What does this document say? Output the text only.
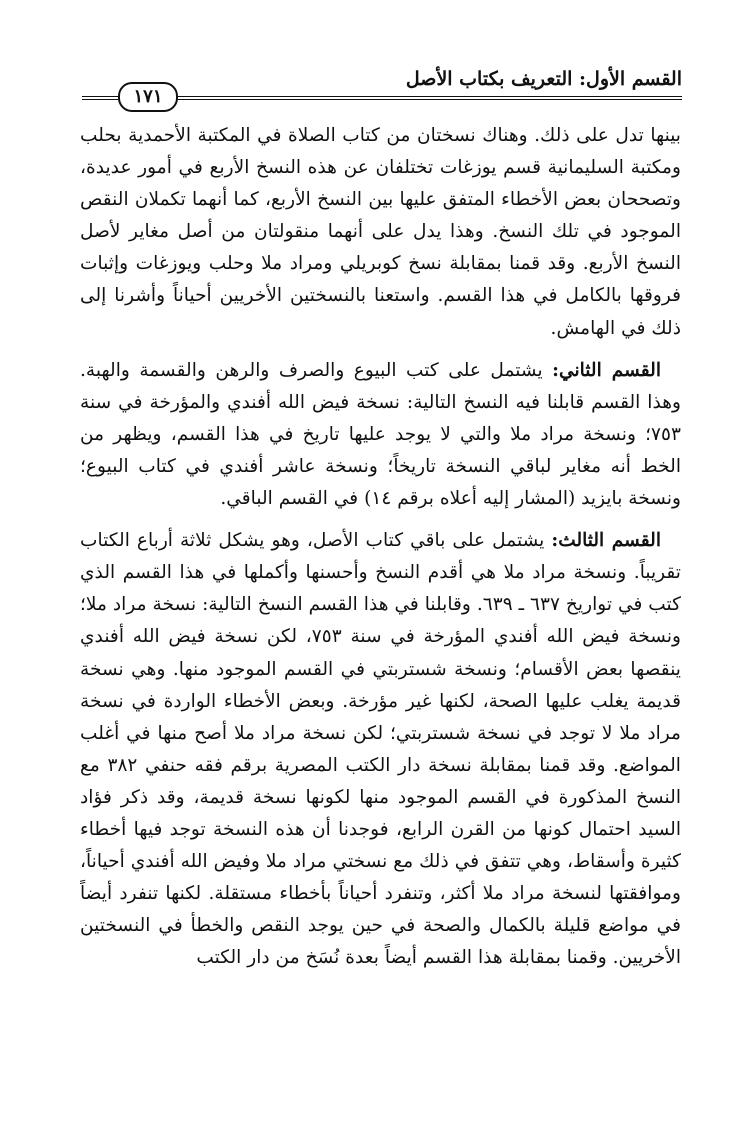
القسم الأول: التعريف بكتاب الأصل
١٧١

بينها تدل على ذلك. وهناك نسختان من كتاب الصلاة في المكتبة الأحمدية بحلب ومكتبة السليمانية قسم يوزغات تختلفان عن هذه النسخ الأربع في أمور عديدة، وتصححان بعض الأخطاء المتفق عليها بين النسخ الأربع، كما أنهما تكملان النقص الموجود في تلك النسخ. وهذا يدل على أنهما منقولتان من أصل مغاير لأصل النسخ الأربع. وقد قمنا بمقابلة نسخ كوبريلي ومراد ملا وحلب ويوزغات وإثبات فروقها بالكامل في هذا القسم. واستعنا بالنسختين الأخريين أحياناً وأشرنا إلى ذلك في الهامش.

القسم الثاني: يشتمل على كتب البيوع والصرف والرهن والقسمة والهبة. وهذا القسم قابلنا فيه النسخ التالية: نسخة فيض الله أفندي والمؤرخة في سنة ٧٥٣؛ ونسخة مراد ملا والتي لا يوجد عليها تاريخ في هذا القسم، ويظهر من الخط أنه مغاير لباقي النسخة تاريخاً؛ ونسخة عاشر أفندي في كتاب البيوع؛ ونسخة بايزيد (المشار إليه أعلاه برقم ١٤) في القسم الباقي.

القسم الثالث: يشتمل على باقي كتاب الأصل، وهو يشكل ثلاثة أرباع الكتاب تقريباً. ونسخة مراد ملا هي أقدم النسخ وأحسنها وأكملها في هذا القسم الذي كتب في تواريخ ٦٣٧ ـ ٦٣٩. وقابلنا في هذا القسم النسخ التالية: نسخة مراد ملا؛ ونسخة فيض الله أفندي المؤرخة في سنة ٧٥٣، لكن نسخة فيض الله أفندي ينقصها بعض الأقسام؛ ونسخة شستربتي في القسم الموجود منها. وهي نسخة قديمة يغلب عليها الصحة، لكنها غير مؤرخة. وبعض الأخطاء الواردة في نسخة مراد ملا لا توجد في نسخة شستربتي؛ لكن نسخة مراد ملا أصح منها في أغلب المواضع. وقد قمنا بمقابلة نسخة دار الكتب المصرية برقم فقه حنفي ٣٨٢ مع النسخ المذكورة في القسم الموجود منها لكونها نسخة قديمة، وقد ذكر فؤاد السيد احتمال كونها من القرن الرابع، فوجدنا أن هذه النسخة توجد فيها أخطاء كثيرة وأسقاط، وهي تتفق في ذلك مع نسختي مراد ملا وفيض الله أفندي أحياناً، وموافقتها لنسخة مراد ملا أكثر، وتنفرد أحياناً بأخطاء مستقلة. لكنها تنفرد أيضاً في مواضع قليلة بالكمال والصحة في حين يوجد النقص والخطأ في النسختين الأخريين. وقمنا بمقابلة هذا القسم أيضاً بعدة نُسَخ من دار الكتب
